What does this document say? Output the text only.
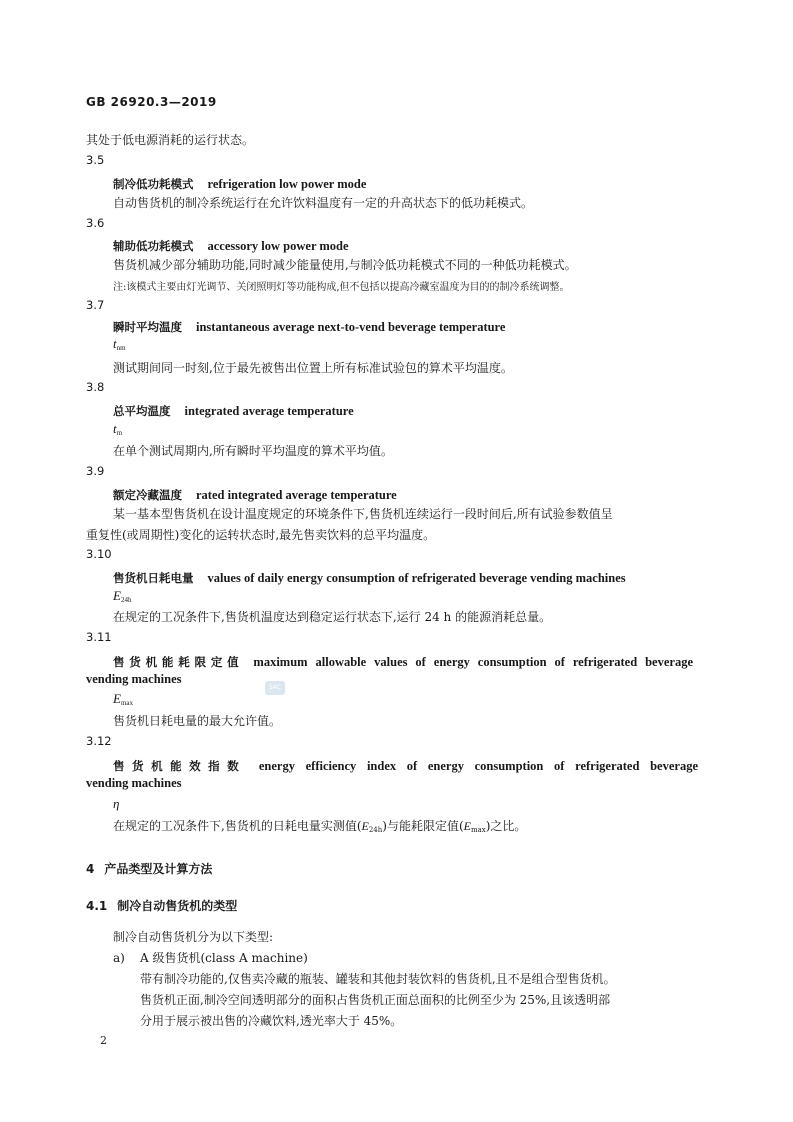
GB 26920.3—2019
其处于低电源消耗的运行状态。
3.5
制冷低功耗模式 refrigeration low power mode
自动售货机的制冷系统运行在允许饮料温度有一定的升高状态下的低功耗模式。
3.6
辅助低功耗模式 accessory low power mode
售货机减少部分辅助功能,同时减少能量使用,与制冷低功耗模式不同的一种低功耗模式。
注:该模式主要由灯光调节、关闭照明灯等功能构成,但不包括以提高冷藏室温度为目的的制冷系统调整。
3.7
瞬时平均温度 instantaneous average next-to-vend beverage temperature
$t_{nm}$
测试期间同一时刻,位于最先被售出位置上所有标准试验包的算术平均温度。
3.8
总平均温度 integrated average temperature
$t_m$
在单个测试周期内,所有瞬时平均温度的算术平均值。
3.9
额定冷藏温度 rated integrated average temperature
某一基本型售货机在设计温度规定的环境条件下,售货机连续运行一段时间后,所有试验参数值呈
重复性(或周期性)变化的运转状态时,最先售卖饮料的总平均温度。
3.10
售货机日耗电量 values of daily energy consumption of refrigerated beverage vending machines
$E_{24h}$
在规定的工况条件下,售货机温度达到稳定运行状态下,运行 24 h 的能源消耗总量。
3.11
售货机能耗限定值 maximum allowable values of energy consumption of refrigerated beverage
vending machines
$E_{max}$
售货机日耗电量的最大允许值。
3.12
售货机能效指数 energy efficiency index of energy consumption of refrigerated beverage
vending machines
η
在规定的工况条件下,售货机的日耗电量实测值(E24h)与能耗限定值(Emax)之比。
4 产品类型及计算方法
4.1 制冷自动售货机的类型
制冷自动售货机分为以下类型:
a) A 级售货机(class A machine)
带有制冷功能的,仅售卖冷藏的瓶装、罐装和其他封装饮料的售货机,且不是组合型售货机。
售货机正面,制冷空间透明部分的面积占售货机正面总面积的比例至少为 25%,且该透明部
分用于展示被出售的冷藏饮料,透光率大于 45%。
SAC
2
